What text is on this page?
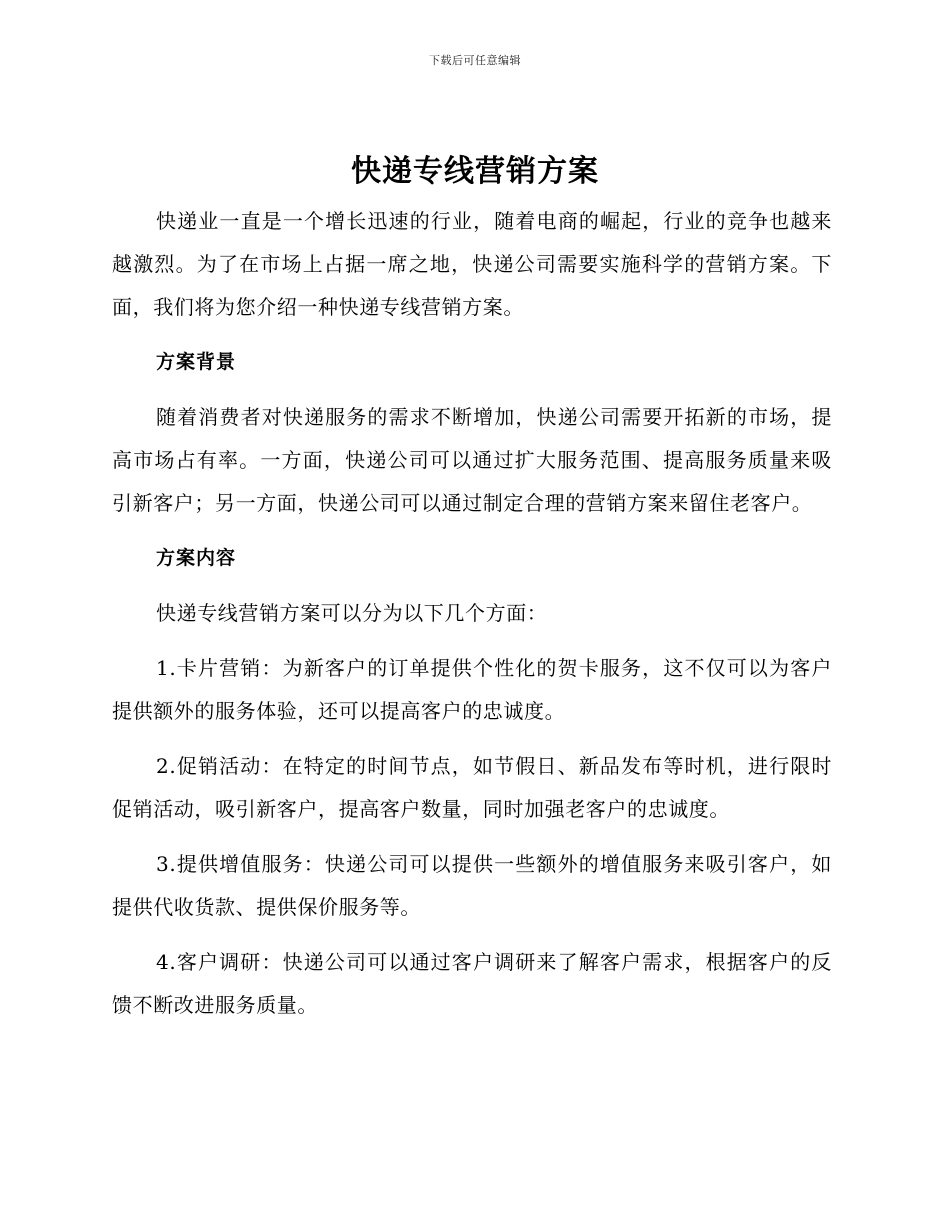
下载后可任意编辑
快递专线营销方案

快递业一直是一个增长迅速的行业，随着电商的崛起，行业的竞争也越来越激烈。为了在市场上占据一席之地，快递公司需要实施科学的营销方案。下面，我们将为您介绍一种快递专线营销方案。

方案背景

随着消费者对快递服务的需求不断增加，快递公司需要开拓新的市场，提高市场占有率。一方面，快递公司可以通过扩大服务范围、提高服务质量来吸引新客户；另一方面，快递公司可以通过制定合理的营销方案来留住老客户。

方案内容

快递专线营销方案可以分为以下几个方面：

1.卡片营销：为新客户的订单提供个性化的贺卡服务，这不仅可以为客户提供额外的服务体验，还可以提高客户的忠诚度。

2.促销活动：在特定的时间节点，如节假日、新品发布等时机，进行限时促销活动，吸引新客户，提高客户数量，同时加强老客户的忠诚度。

3.提供增值服务：快递公司可以提供一些额外的增值服务来吸引客户，如提供代收货款、提供保价服务等。

4.客户调研：快递公司可以通过客户调研来了解客户需求，根据客户的反馈不断改进服务质量。
